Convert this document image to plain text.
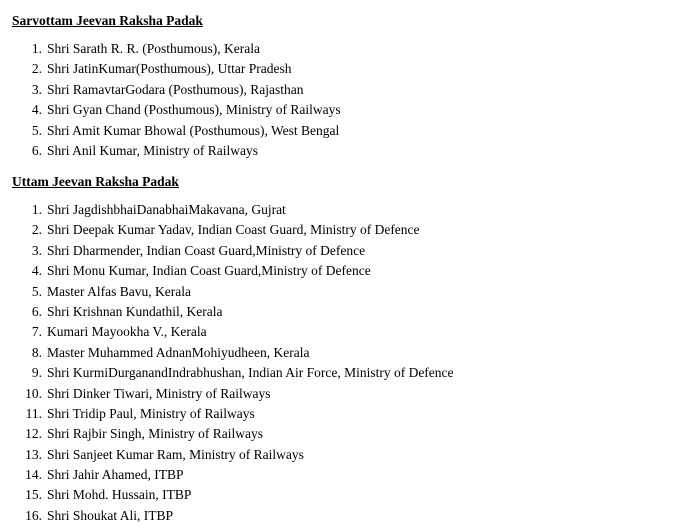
Sarvottam Jeevan Raksha Padak
1. Shri Sarath R. R. (Posthumous), Kerala
2. Shri JatinKumar(Posthumous), Uttar Pradesh
3. Shri RamavtarGodara (Posthumous), Rajasthan
4. Shri Gyan Chand (Posthumous), Ministry of Railways
5. Shri Amit Kumar Bhowal (Posthumous), West Bengal
6. Shri Anil Kumar, Ministry of Railways
Uttam Jeevan Raksha Padak
1. Shri JagdishbhaiDanabhaiMakavana, Gujrat
2. Shri Deepak Kumar Yadav, Indian Coast Guard, Ministry of Defence
3. Shri Dharmender, Indian Coast Guard,Ministry of Defence
4. Shri Monu Kumar, Indian Coast Guard,Ministry of Defence
5. Master Alfas Bavu, Kerala
6. Shri Krishnan Kundathil, Kerala
7. Kumari Mayookha V., Kerala
8. Master Muhammed AdnanMohiyudheen, Kerala
9. Shri KurmiDurganandIndrabhushan, Indian Air Force, Ministry of Defence
10. Shri Dinker Tiwari, Ministry of Railways
11. Shri Tridip Paul, Ministry of Railways
12. Shri Rajbir Singh, Ministry of Railways
13. Shri Sanjeet Kumar Ram, Ministry of Railways
14. Shri Jahir Ahamed, ITBP
15. Shri Mohd. Hussain, ITBP
16. Shri Shoukat Ali, ITBP
